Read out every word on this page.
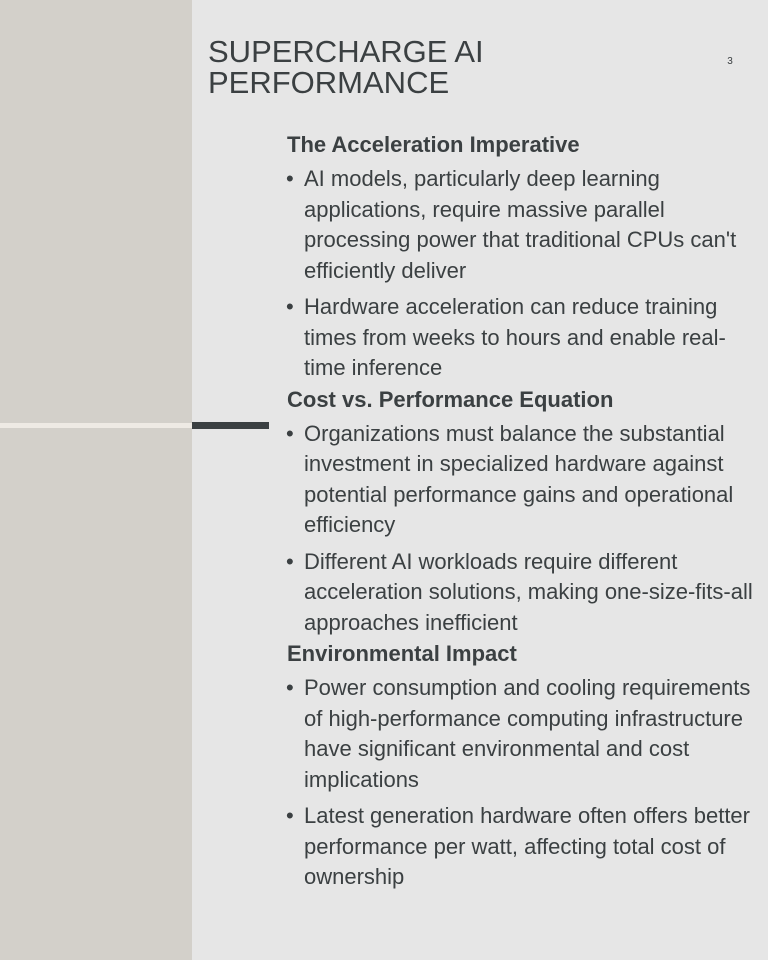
SUPERCHARGE AI
PERFORMANCE
3
The Acceleration Imperative
• AI models, particularly deep learning applications, require massive parallel processing power that traditional CPUs can't efficiently deliver
• Hardware acceleration can reduce training times from weeks to hours and enable real-time inference
Cost vs. Performance Equation
• Organizations must balance the substantial investment in specialized hardware against potential performance gains and operational efficiency
• Different AI workloads require different acceleration solutions, making one-size-fits-all approaches inefficient
Environmental Impact
• Power consumption and cooling requirements of high-performance computing infrastructure have significant environmental and cost implications
• Latest generation hardware often offers better performance per watt, affecting total cost of ownership
